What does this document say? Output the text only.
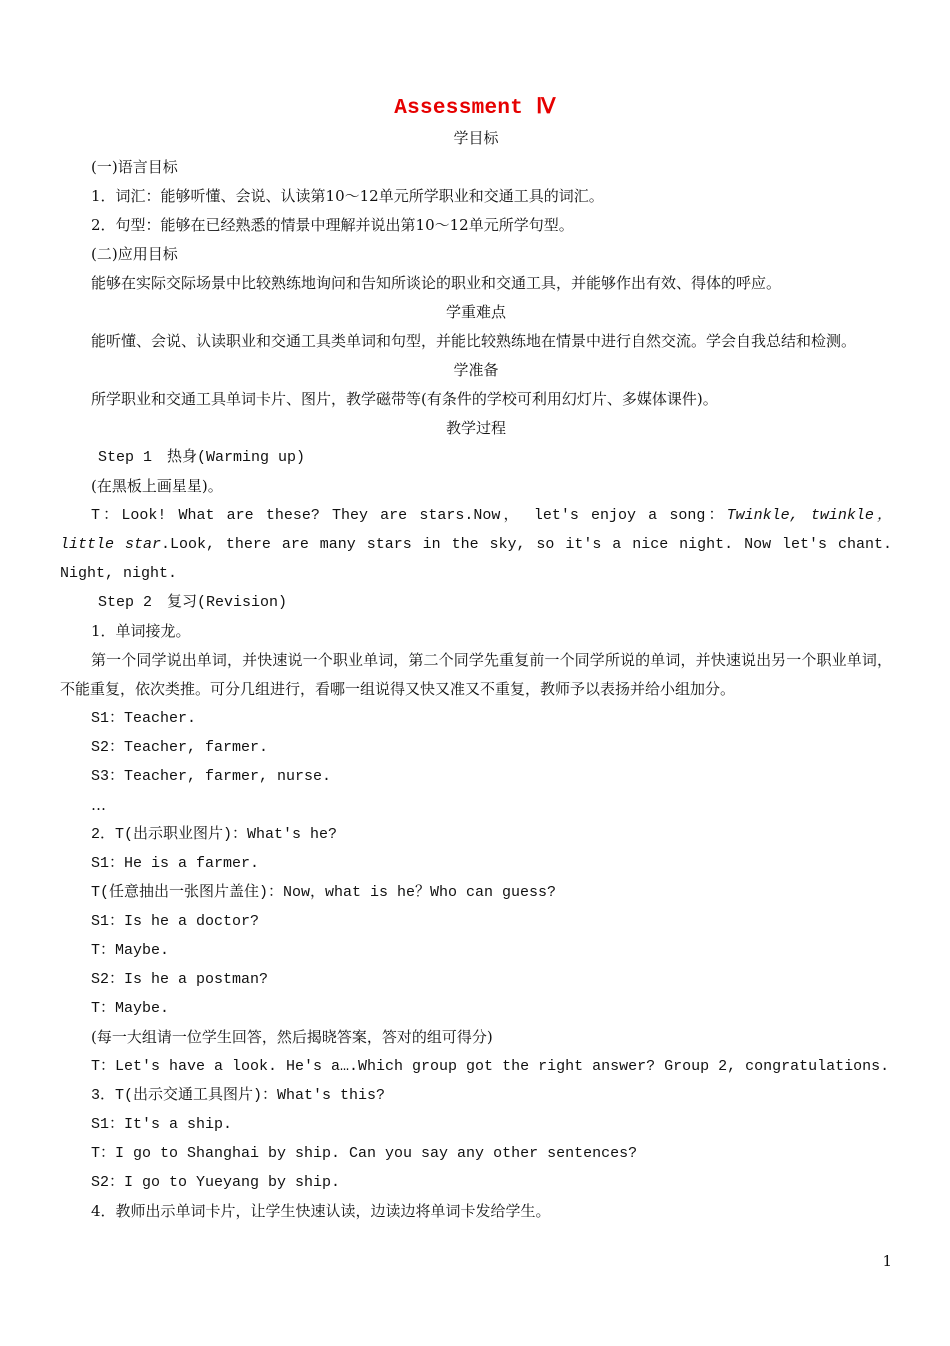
Assessment Ⅳ
学目标
(一)语言目标
1．词汇：能够听懂、会说、认读第10～12单元所学职业和交通工具的词汇。
2．句型：能够在已经熟悉的情景中理解并说出第10～12单元所学句型。
(二)应用目标
能够在实际交际场景中比较熟练地询问和告知所谈论的职业和交通工具，并能够作出有效、得体的呼应。
学重难点
能听懂、会说、认读职业和交通工具类单词和句型，并能比较熟练地在情景中进行自然交流。学会自我总结和检测。
学准备
所学职业和交通工具单词卡片、图片，教学磁带等(有条件的学校可利用幻灯片、多媒体课件)。
教学过程
Step 1　热身(Warming up)
(在黑板上画星星)。
T：Look! What are these? They are stars.Now， let's enjoy a song：Twinkle, twinkle， little star.Look, there are many stars in the sky, so it's a nice night. Now let's chant. Night, night.
Step 2　复习(Revision)
1．单词接龙。
第一个同学说出单词，并快速说一个职业单词，第二个同学先重复前一个同学所说的单词，并快速说出另一个职业单词，不能重复，依次类推。可分几组进行，看哪一组说得又快又准又不重复，教师予以表扬并给小组加分。
S1：Teacher.
S2：Teacher, farmer.
S3：Teacher, farmer, nurse.
…
2．T(出示职业图片)：What's he?
S1：He is a farmer.
T(任意抽出一张图片盖住)：Now，what is he？Who can guess?
S1：Is he a doctor?
T：Maybe.
S2：Is he a postman?
T：Maybe.
(每一大组请一位学生回答，然后揭晓答案，答对的组可得分)
T：Let's have a look. He's a….Which group got the right answer? Group 2, congratulations.
3．T(出示交通工具图片)：What's this?
S1：It's a ship.
T：I go to Shanghai by ship. Can you say any other sentences?
S2：I go to Yueyang by ship.
4．教师出示单词卡片，让学生快速认读，边读边将单词卡发给学生。
1
